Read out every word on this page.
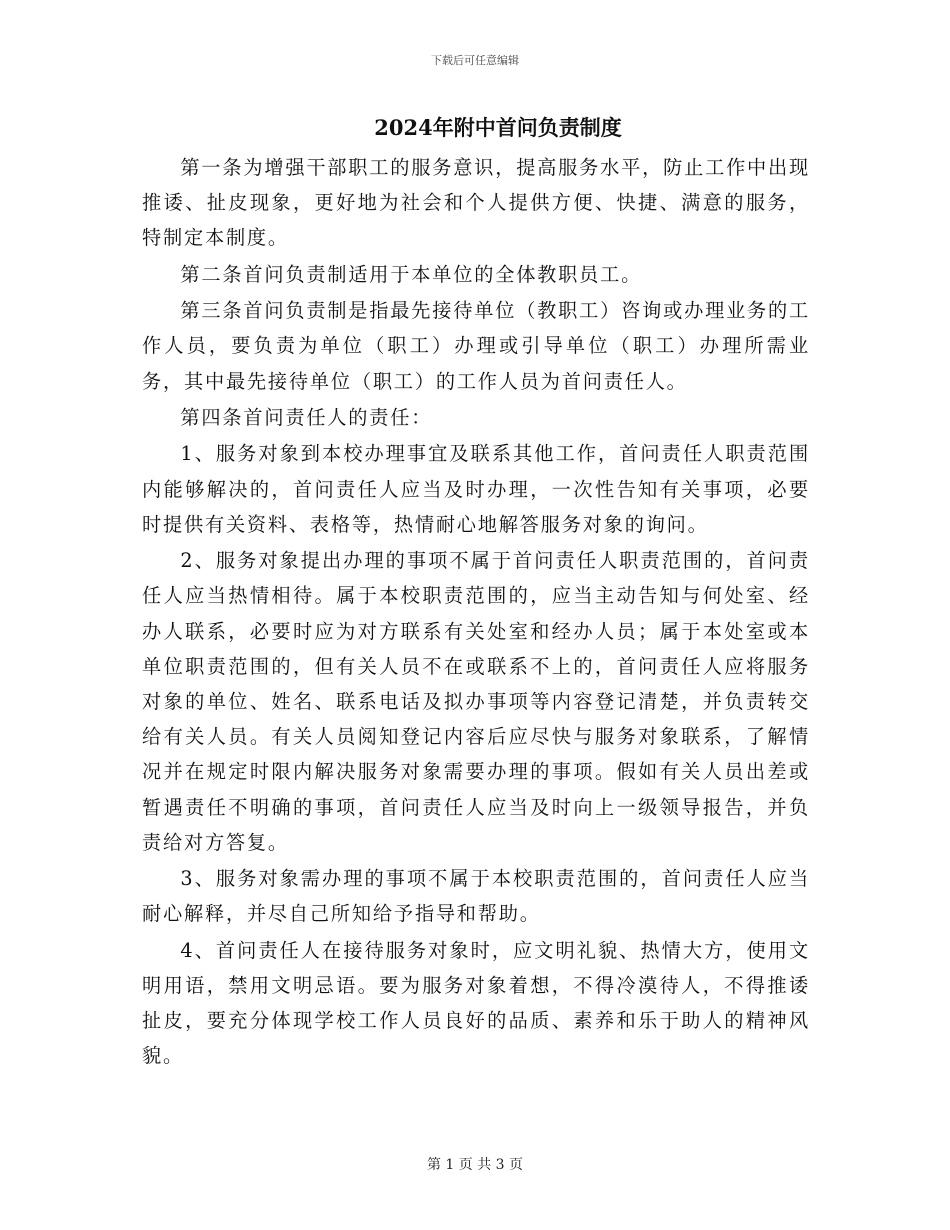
下载后可任意编辑
2024年附中首问负责制度

第一条为增强干部职工的服务意识，提高服务水平，防止工作中出现推诿、扯皮现象，更好地为社会和个人提供方便、快捷、满意的服务，特制定本制度。

第二条首问负责制适用于本单位的全体教职员工。

第三条首问负责制是指最先接待单位（教职工）咨询或办理业务的工作人员，要负责为单位（职工）办理或引导单位（职工）办理所需业务，其中最先接待单位（职工）的工作人员为首问责任人。

第四条首问责任人的责任：

1、服务对象到本校办理事宜及联系其他工作，首问责任人职责范围内能够解决的，首问责任人应当及时办理，一次性告知有关事项，必要时提供有关资料、表格等，热情耐心地解答服务对象的询问。

2、服务对象提出办理的事项不属于首问责任人职责范围的，首问责任人应当热情相待。属于本校职责范围的，应当主动告知与何处室、经办人联系，必要时应为对方联系有关处室和经办人员；属于本处室或本单位职责范围的，但有关人员不在或联系不上的，首问责任人应将服务对象的单位、姓名、联系电话及拟办事项等内容登记清楚，并负责转交给有关人员。有关人员阅知登记内容后应尽快与服务对象联系，了解情况并在规定时限内解决服务对象需要办理的事项。假如有关人员出差或暂遇责任不明确的事项，首问责任人应当及时向上一级领导报告，并负责给对方答复。

3、服务对象需办理的事项不属于本校职责范围的，首问责任人应当耐心解释，并尽自己所知给予指导和帮助。

4、首问责任人在接待服务对象时，应文明礼貌、热情大方，使用文明用语，禁用文明忌语。要为服务对象着想，不得冷漠待人，不得推诿扯皮，要充分体现学校工作人员良好的品质、素养和乐于助人的精神风貌。

第 1 页 共 3 页
